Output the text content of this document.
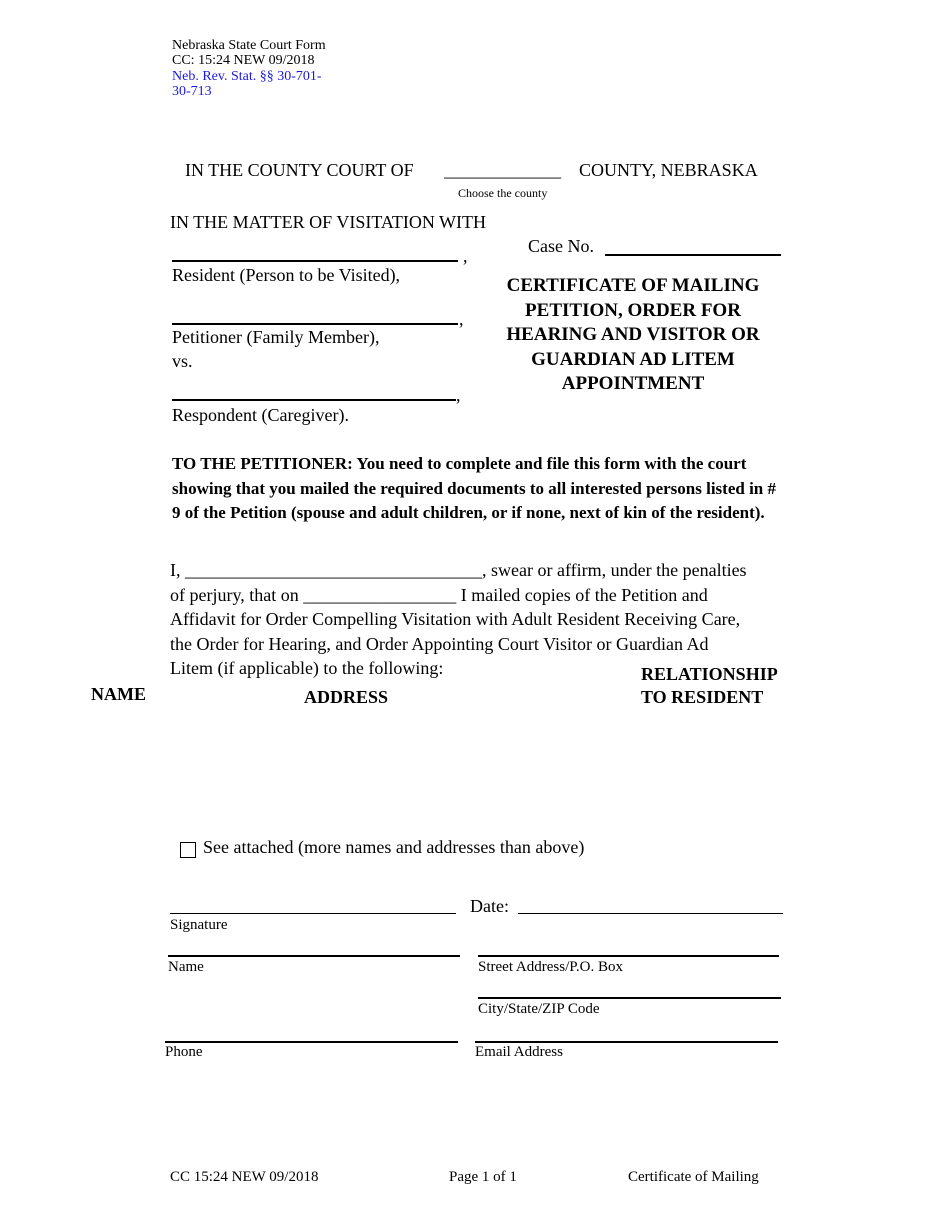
Nebraska State Court Form
CC: 15:24 NEW 09/2018
Neb. Rev. Stat. §§ 30-701-
30-713
IN THE COUNTY COURT OF _____________ COUNTY, NEBRASKA
Choose the county
IN THE MATTER OF VISITATION WITH
,
Resident (Person to be Visited),
,
Petitioner (Family Member),
vs.
,
Respondent (Caregiver).
Case No.
CERTIFICATE OF MAILING PETITION, ORDER FOR HEARING AND VISITOR OR GUARDIAN AD LITEM APPOINTMENT
TO THE PETITIONER: You need to complete and file this form with the court showing that you mailed the required documents to all interested persons listed in # 9 of the Petition (spouse and adult children, or if none, next of kin of the resident).
I, _________________________________, swear or affirm, under the penalties
of perjury, that on _________________ I mailed copies of the Petition and
Affidavit for Order Compelling Visitation with Adult Resident Receiving Care,
the Order for Hearing, and Order Appointing Court Visitor or Guardian Ad
Litem (if applicable) to the following:
NAME	ADDRESS
RELATIONSHIP
TO RESIDENT
See attached (more names and addresses than above)
Signature
Date:
Name	Street Address/P.O. Box
City/State/ZIP Code
Phone	Email Address
CC 15:24 NEW 09/2018	Page 1 of 1	Certificate of Mailing
